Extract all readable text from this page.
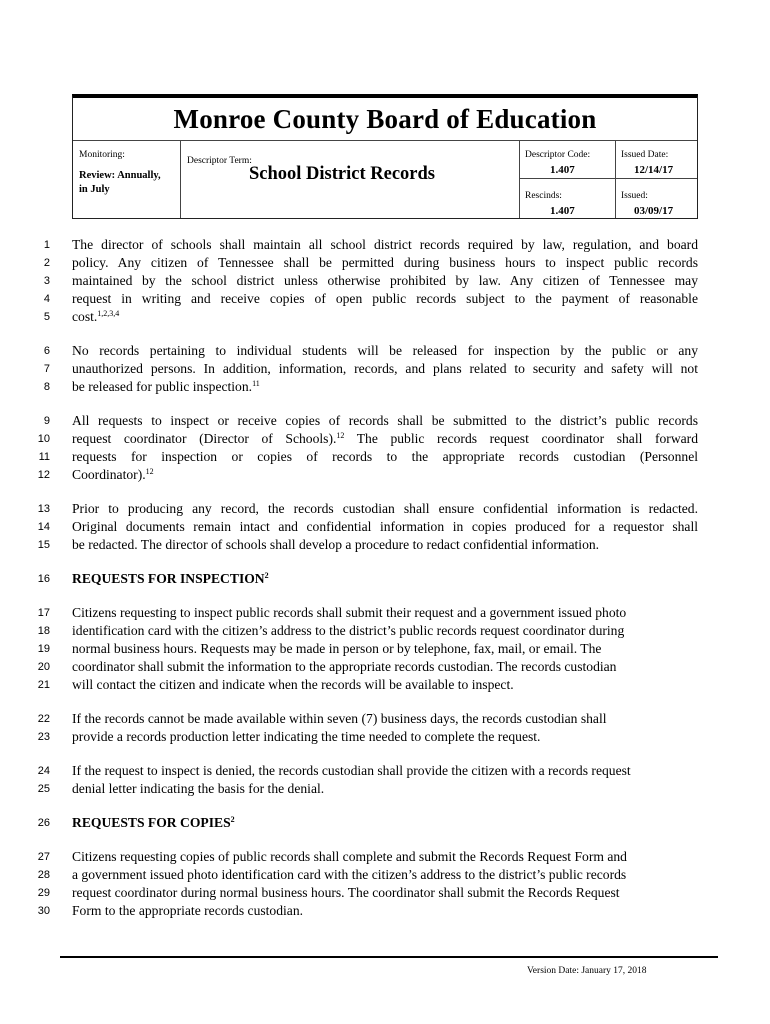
Monroe County Board of Education
Monitoring:
Review: Annually,
in July
Descriptor Term:
School District Records
Descriptor Code:
1.407
Issued Date:
12/14/17
Rescinds:
1.407
Issued:
03/09/17
1 The director of schools shall maintain all school district records required by law, regulation, and board
2 policy. Any citizen of Tennessee shall be permitted during business hours to inspect public records
3 maintained by the school district unless otherwise prohibited by law. Any citizen of Tennessee may
4 request in writing and receive copies of open public records subject to the payment of reasonable
5 cost.$^{1,2,3,4}$
6 No records pertaining to individual students will be released for inspection by the public or any
7 unauthorized persons. In addition, information, records, and plans related to security and safety will not
8 be released for public inspection.$^{11}$
9 All requests to inspect or receive copies of records shall be submitted to the district’s public records
10 request coordinator (Director of Schools).$^{12}$ The public records request coordinator shall forward
11 requests for inspection or copies of records to the appropriate records custodian (Personnel
12 Coordinator).$^{12}$
13 Prior to producing any record, the records custodian shall ensure confidential information is redacted.
14 Original documents remain intact and confidential information in copies produced for a requestor shall
15 be redacted. The director of schools shall develop a procedure to redact confidential information.
16 REQUESTS FOR INSPECTION$^2$
17 Citizens requesting to inspect public records shall submit their request and a government issued photo
18 identification card with the citizen’s address to the district’s public records request coordinator during
19 normal business hours. Requests may be made in person or by telephone, fax, mail, or email. The
20 coordinator shall submit the information to the appropriate records custodian. The records custodian
21 will contact the citizen and indicate when the records will be available to inspect.
22 If the records cannot be made available within seven (7) business days, the records custodian shall
23 provide a records production letter indicating the time needed to complete the request.
24 If the request to inspect is denied, the records custodian shall provide the citizen with a records request
25 denial letter indicating the basis for the denial.
26 REQUESTS FOR COPIES$^2$
27 Citizens requesting copies of public records shall complete and submit the Records Request Form and
28 a government issued photo identification card with the citizen’s address to the district’s public records
29 request coordinator during normal business hours. The coordinator shall submit the Records Request
30 Form to the appropriate records custodian.
Version Date: January 17, 2018
